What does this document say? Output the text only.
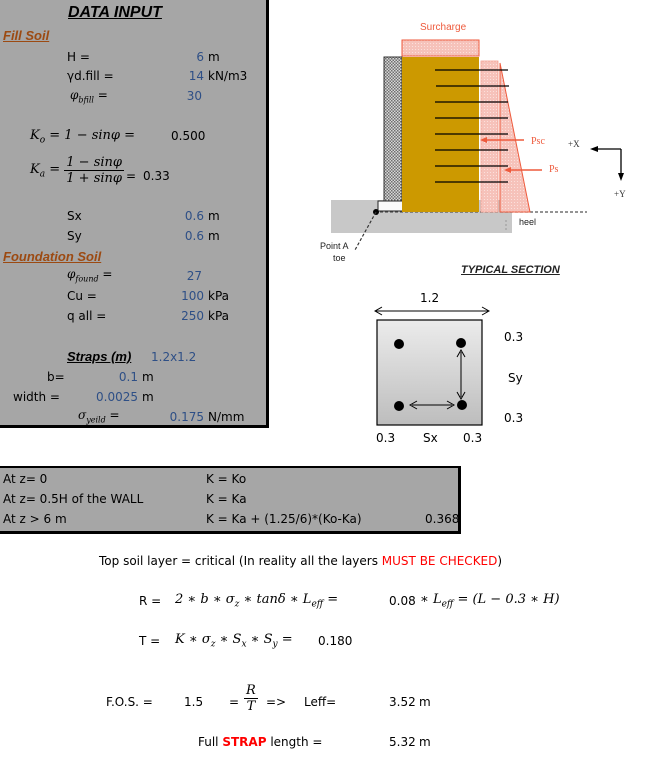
DATA INPUT
Fill Soil
H =	6 m
γd.fill =	14 kN/m3
$\varphi_{bfill}$ =	30
$K_o = 1 - \sin\varphi$ =	0.500
$K_a = \frac{1 - \sin\varphi}{1 + \sin\varphi} = 0.33$
Sx	0.6 m
Sy	0.6 m
Foundation Soil
$\varphi_{found}$ =	27
Cu =	100 kPa
q all =	250 kPa
Straps (m) 1.2x1.2
b=	0.1 m
width =	0.0025 m
$\sigma_{yeild}$ =	0.175 N/mm
Surcharge
Psc
Ps
+X
+Y
heel
Point A
toe
TYPICAL SECTION
1.2
0.3
Sy
0.3
0.3 Sx 0.3
At z= 0	K = Ko
At z= 0.5H of the WALL	K = Ka
At z > 6 m	K = Ka + (1.25/6)*(Ko-Ka)	0.368
Top soil layer = critical (In reality all the layers MUST BE CHECKED)
R = 2 ∗ b ∗ $\sigma_z$ ∗ tanδ ∗ $L_{eff}$ =	0.08 ∗ $L_{eff} = (L - 0.3$ ∗ H)
T = K ∗ $\sigma_z$ ∗ $S_x$ ∗ $S_y = 0.180$
F.O.S. =	$1.5 = \frac{R}{T}$ => Leff=	3.52 m
Full STRAP length =	5.32 m
